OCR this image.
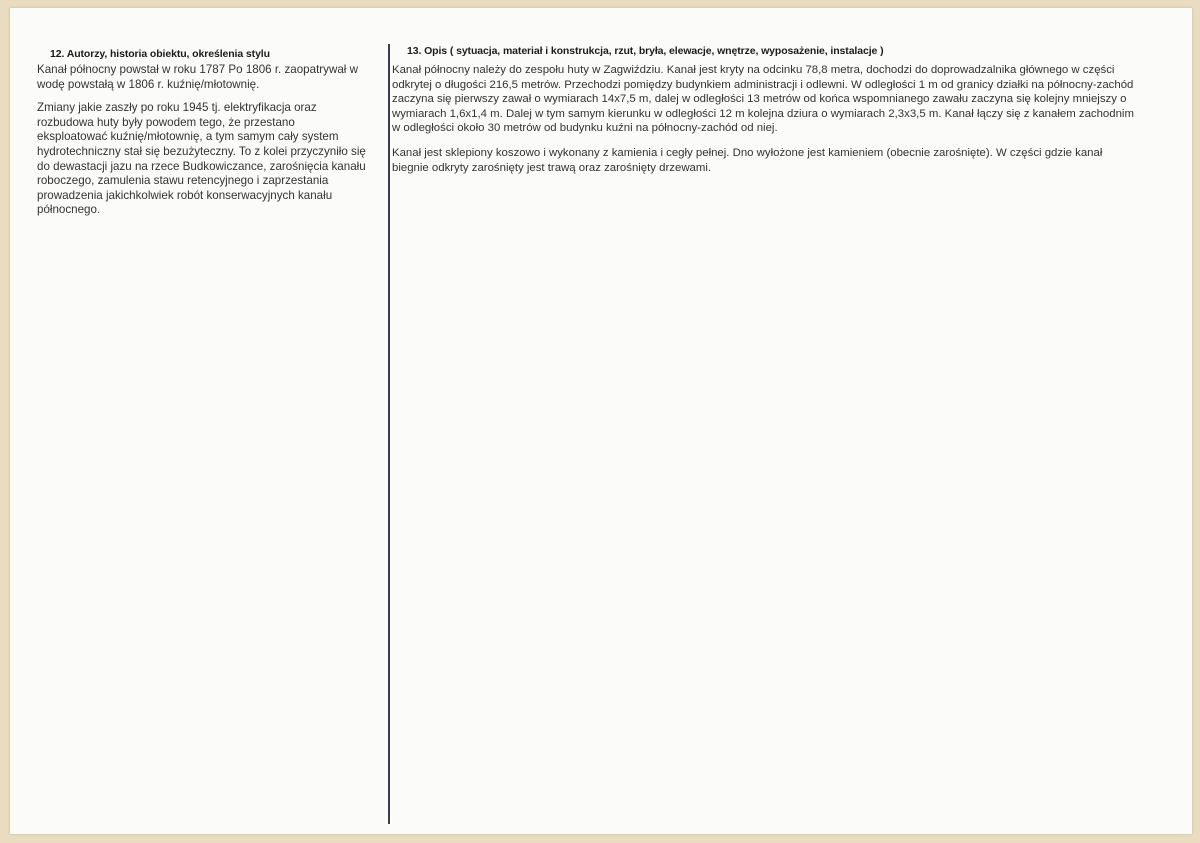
12. Autorzy, historia obiektu, określenia stylu	13. Opis ( sytuacja, materiał i konstrukcja, rzut, bryła, elewacje, wnętrze, wyposażenie, instalacje )

Kanał północny powstał w roku 1787 Po 1806 r. zaopatrywał w wodę powstałą w 1806 r. kuźnię/młotownię.

Zmiany jakie zaszły po roku 1945 tj. elektryfikacja oraz rozbudowa huty były powodem tego, że przestano eksploatować kuźnię/młotownię, a tym samym cały system hydrotechniczny stał się bezużyteczny. To z kolei przyczyniło się do dewastacji jazu na rzece Budkowiczance, zarośnięcia kanału roboczego, zamulenia stawu retencyjnego i zaprzestania prowadzenia jakichkolwiek robót konserwacyjnych kanału północnego.

Kanał północny należy do zespołu huty w Zagwiździu. Kanał jest kryty na odcinku 78,8 metra, dochodzi do doprowadzalnika głównego w części odkrytej o długości 216,5 metrów. Przechodzi pomiędzy budynkiem administracji i odlewni. W odległości 1 m od granicy działki na północny-zachód zaczyna się pierwszy zawał o wymiarach 14x7,5 m, dalej w odległości 13 metrów od końca wspomnianego zawału zaczyna się kolejny mniejszy o wymiarach 1,6x1,4 m. Dalej w tym samym kierunku w odległości 12 m kolejna dziura o wymiarach 2,3x3,5 m. Kanał łączy się z kanałem zachodnim w odległości około 30 metrów od budynku kuźni na północny-zachód od niej.

Kanał jest sklepiony koszowo i wykonany z kamienia i cegły pełnej. Dno wyłożone jest kamieniem (obecnie zarośnięte). W części gdzie kanał biegnie odkryty zarośnięty jest trawą oraz zarośnięty drzewami.
